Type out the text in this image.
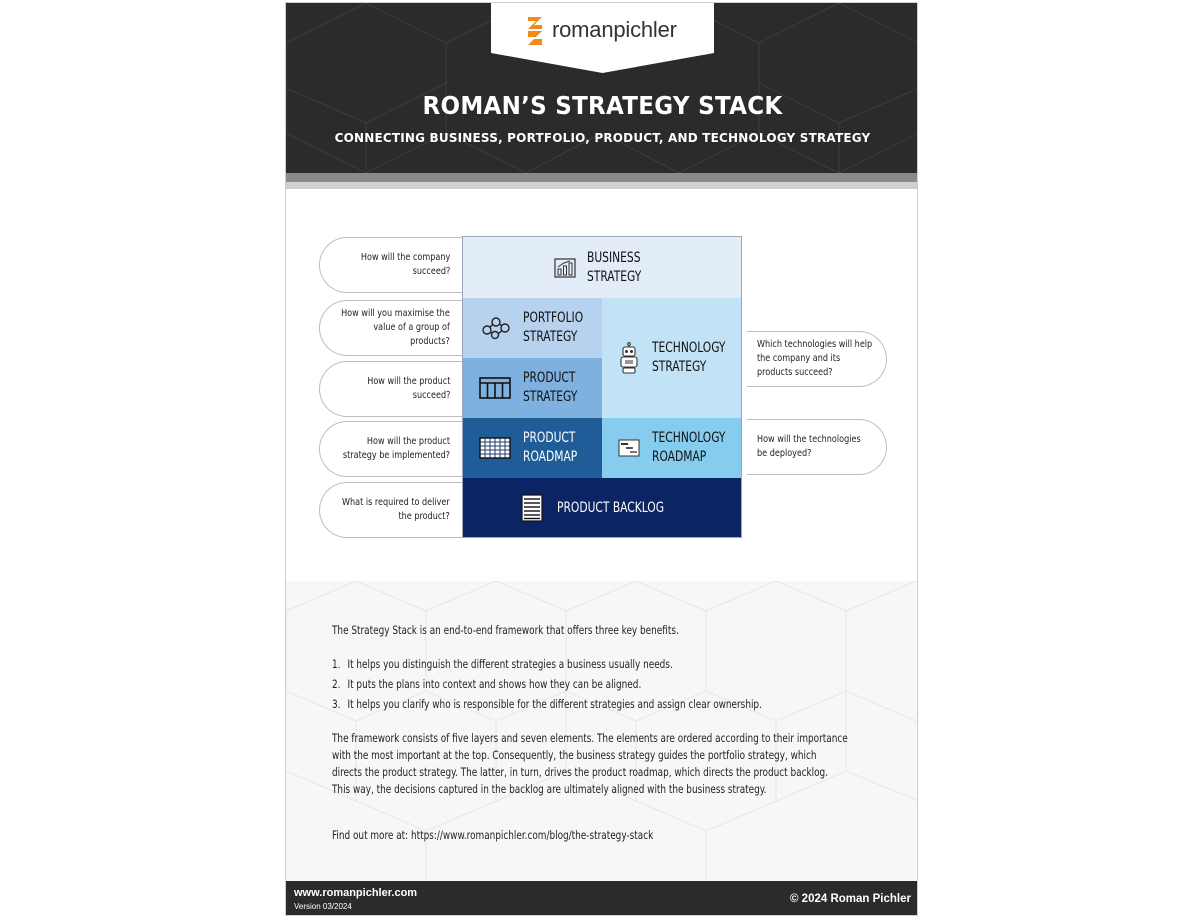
romanpichler
ROMAN’S STRATEGY STACK
CONNECTING BUSINESS, PORTFOLIO, PRODUCT, AND TECHNOLOGY STRATEGY
How will the company
succeed?
How will you maximise the
value of a group of
products?
How will the product
succeed?
How will the product
strategy be implemented?
What is required to deliver
the product?
Which technologies will help
the company and its
products succeed?
How will the technologies
be deployed?
BUSINESS
STRATEGY
PORTFOLIO
STRATEGY
PRODUCT
STRATEGY
PRODUCT
ROADMAP
TECHNOLOGY
STRATEGY
TECHNOLOGY
ROADMAP
PRODUCT BACKLOG
The Strategy Stack is an end-to-end framework that offers three key benefits.
1. It helps you distinguish the different strategies a business usually needs.
2. It puts the plans into context and shows how they can be aligned.
3. It helps you clarify who is responsible for the different strategies and assign clear ownership.
The framework consists of five layers and seven elements. The elements are ordered according to their importance with the most important at the top. Consequently, the business strategy guides the portfolio strategy, which directs the product strategy. The latter, in turn, drives the product roadmap, which directs the product backlog. This way, the decisions captured in the backlog are ultimately aligned with the business strategy.
Find out more at: https://www.romanpichler.com/blog/the-strategy-stack
www.romanpichler.com
Version 03/2024
© 2024 Roman Pichler
